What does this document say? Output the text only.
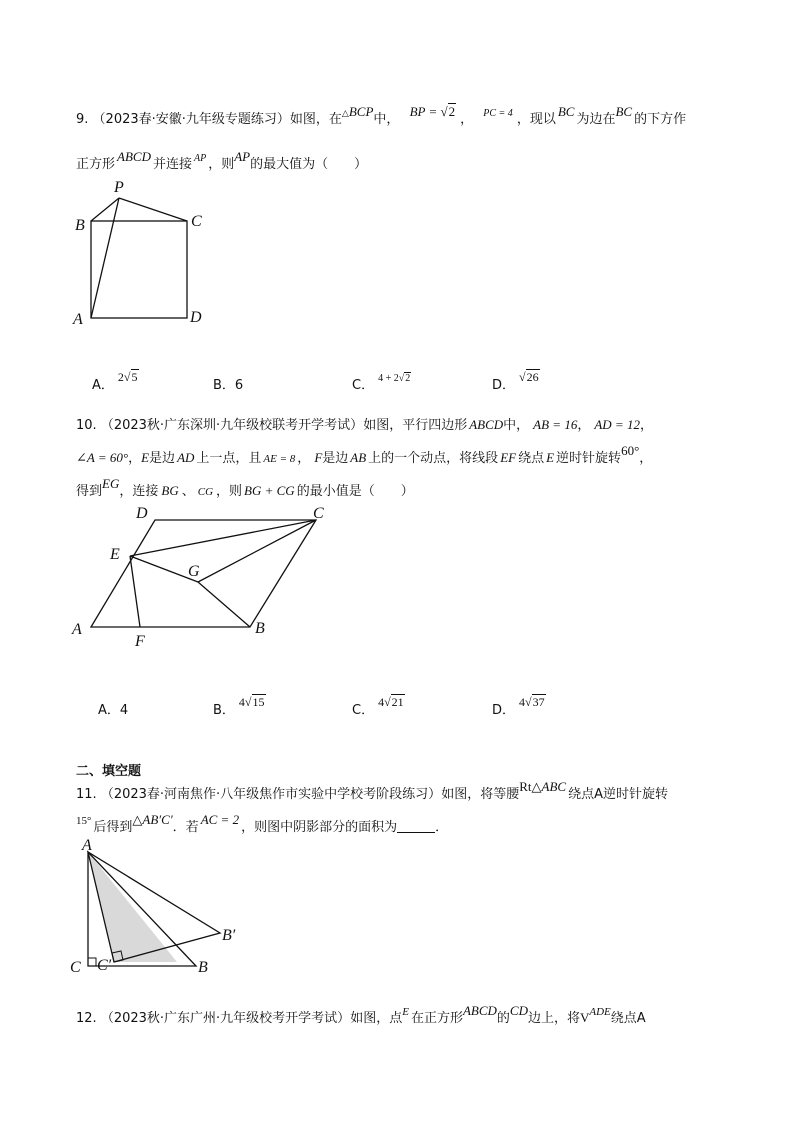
9. （2023春·安徽·九年级专题练习）如图，在$^{\triangle BCP}$中， $^{BP = √2}$， $^{PC = 4}$ ，现以$^{BC}$为边在$^{BC}$的下方作
正方形$^{ABCD}$并连接 $^{AP}$ ，则$^{AP}$的最大值为（　　）
P
B	C
A	D
A．2√5
B．6	C． $^{4 + 2√2}$	D．√26
10. （2023秋·广东深圳·九年级校联考开学考试）如图，平行四边形 ABCD中， AB = 16， AD = 12，
∠A = 60°，E是边 AD 上一点，且 AE = 8 ， F是边 AB 上的一个动点，将线段 EF 绕点 E 逆时针旋转$^{60^\circ}$，
得到$^{EG}$，连接 BG 、 CG ，则 BG + CG 的最小值是（　　）
D	C
E
G
A
F
B
A．4	B．4√15
C．4√21
D．4√37
二、填空题
11. （2023春·河南焦作·八年级焦作市实验中学校考阶段练习）如图，将等腰$^{Rt\triangle ABC}$绕点A逆时针旋转
$^{15^\circ}$ 后得到$^{\triangle AB'C'}$．若$^{AC = 2}$，则图中阴影部分的面积为	．
A
B′
C C′	B
12. （2023秋·广东广州·九年级校考开学考试）如图，点$^E$ 在正方形$^{ABCD}$的$^{CD}$边上，将$V^{ADE}$绕点A
